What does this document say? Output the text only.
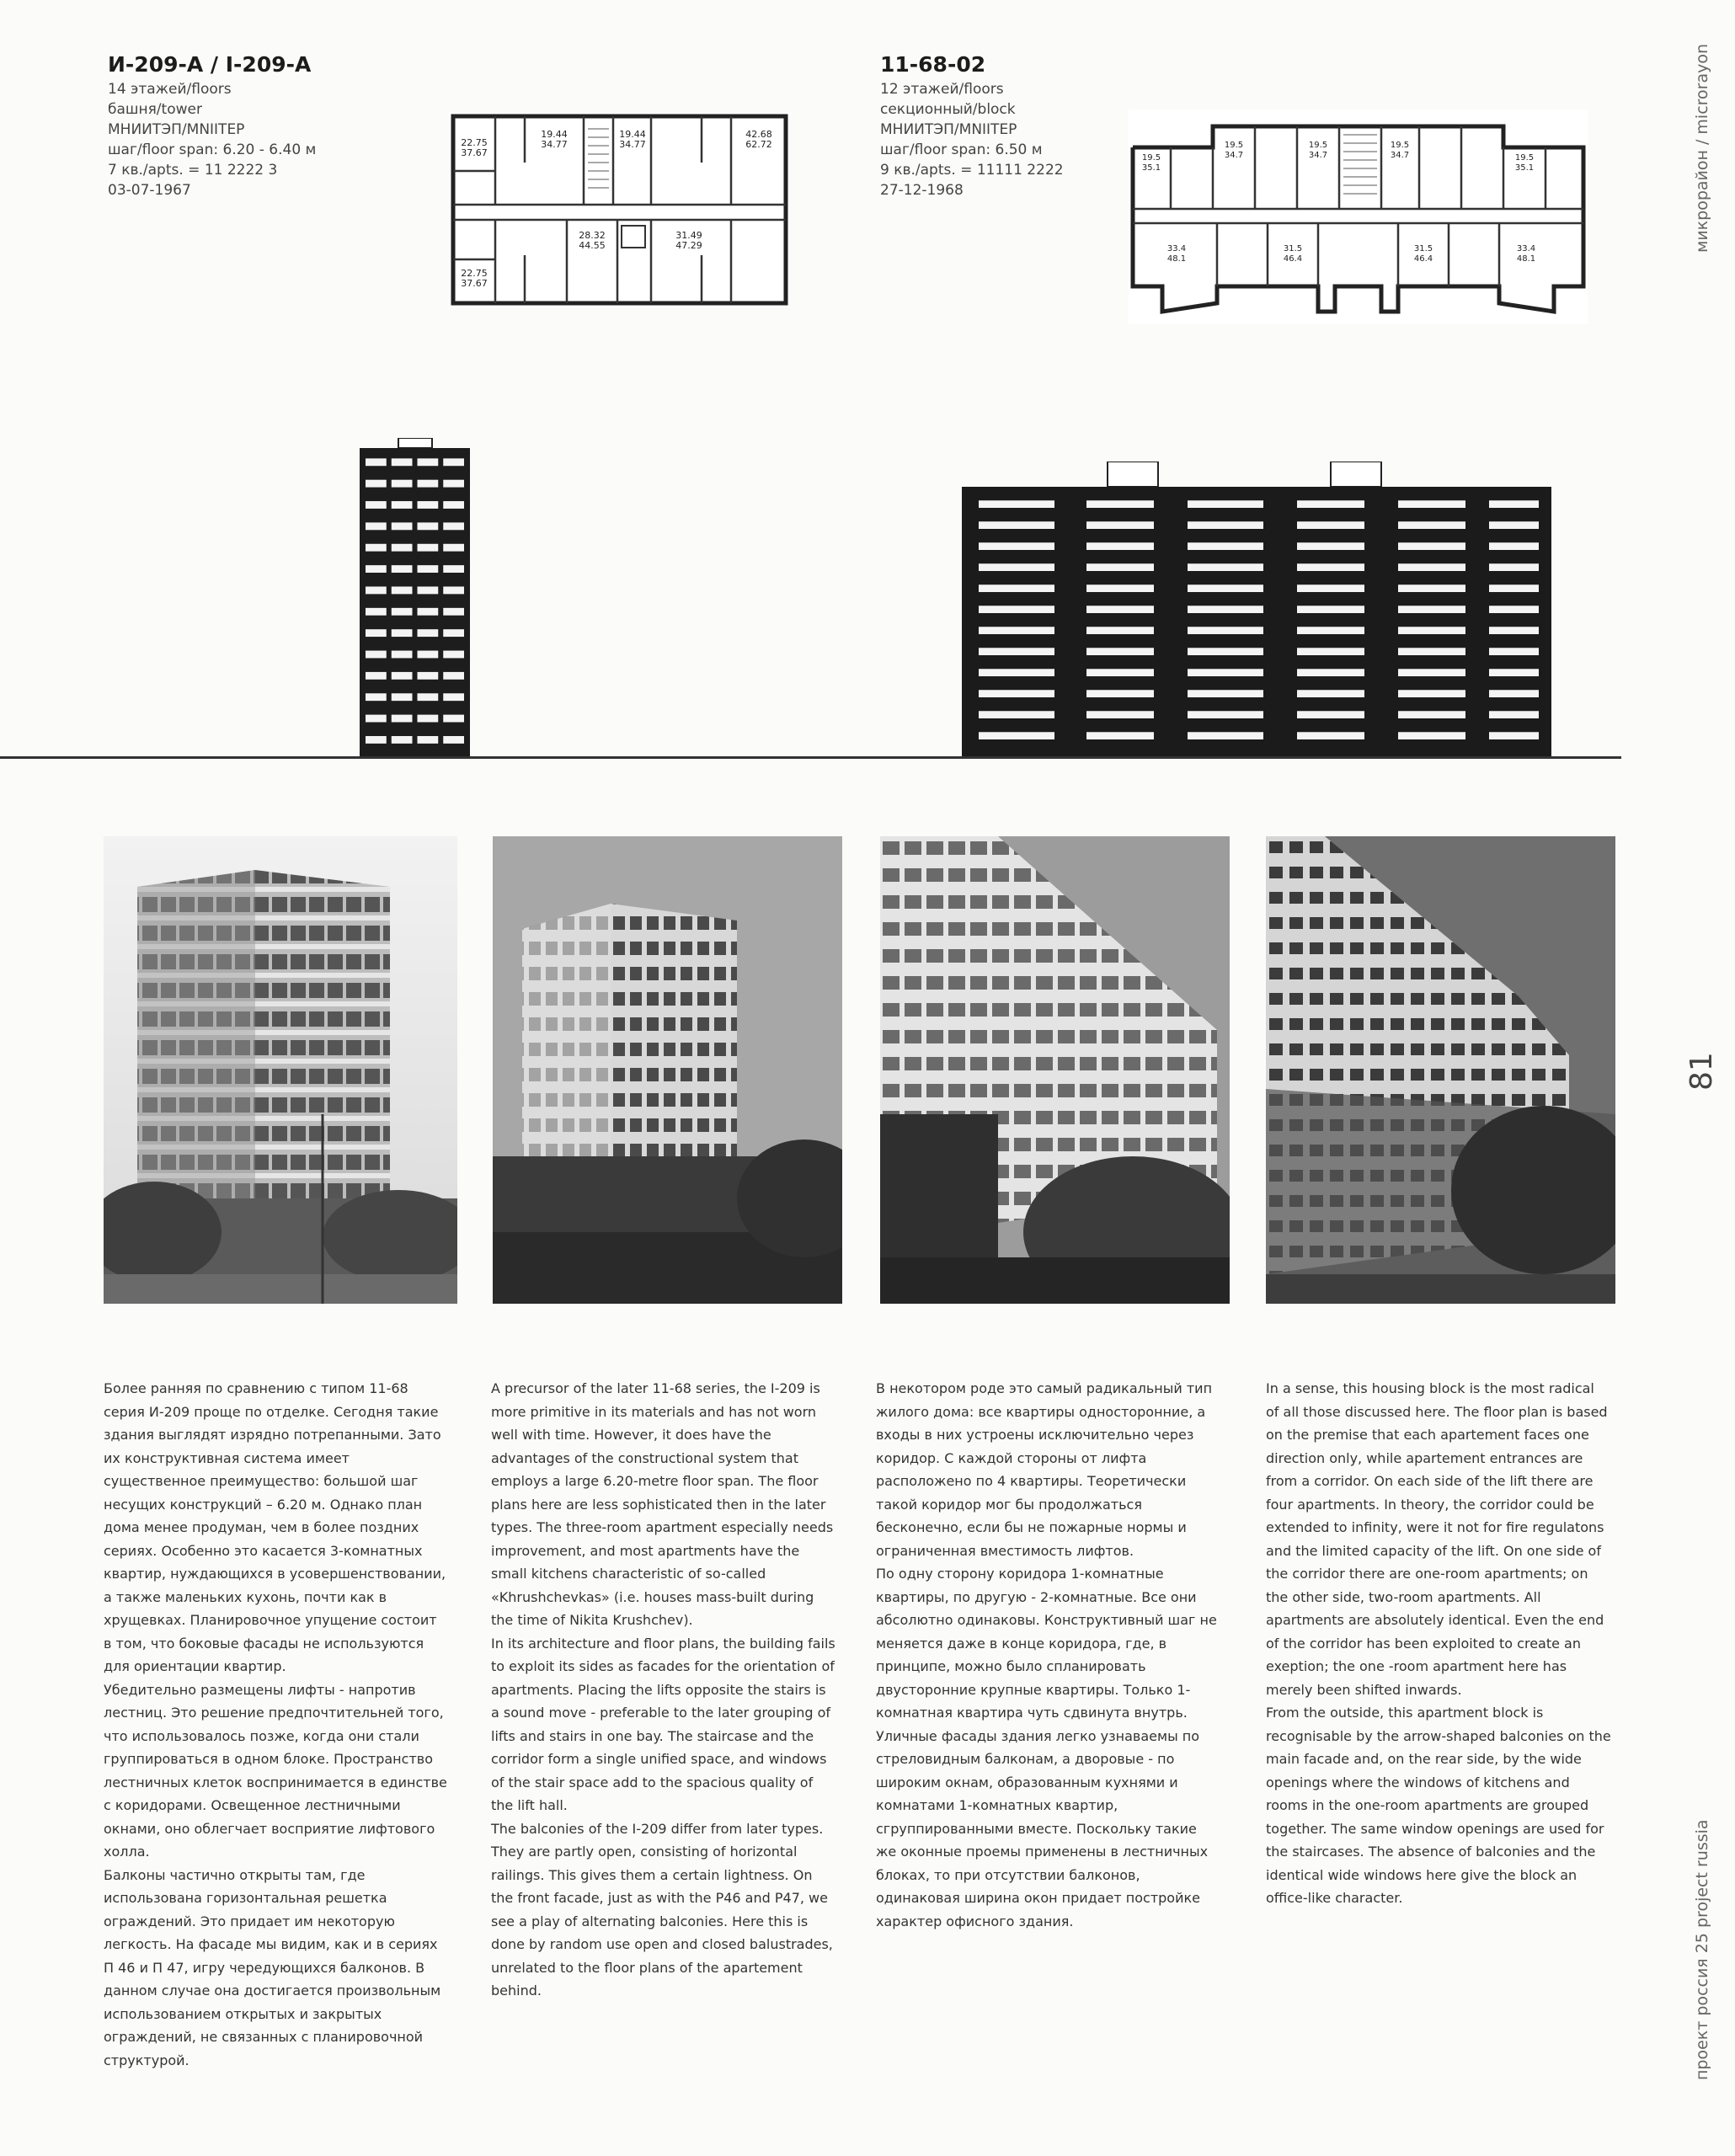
И-209-А / I-209-А
14 этажей/floors
башня/tower
МНИИТЭП/MNIITEP
шаг/floor span: 6.20 - 6.40 м
7 кв./apts. = 11 2222 3
03-07-1967
22.75
37.67
19.44
34.77
19.44
34.77
42.68
62.72
22.75
37.67
28.32
44.55
31.49
47.29
11-68-02
12 этажей/floors
секционный/block
МНИИТЭП/MNIITEP
шаг/floor span: 6.50 м
9 кв./apts. = 11111 2222
27-12-1968
19.5
35.1
19.5
34.7
19.5
34.7
19.5
34.7	19.5
35.1
33.4
48.1
31.5
46.4
31.5
46.4
33.4
48.1
микрорайон / microrayon
81
проект россия 25 project russia

Более ранняя по сравнению с типом 11-68 серия И-209 проще по отделке. Сегодня такие здания выглядят изрядно потрепанными. Зато их конструктивная система имеет существенное преимущество: большой шаг несущих конструкций – 6.20 м. Однако план дома менее продуман, чем в более поздних сериях. Особенно это касается 3-комнатных квартир, нуждающихся в усовершенствовании, а также маленьких кухонь, почти как в хрущевках. Планировочное упущение состоит в том, что боковые фасады не используются для ориентации квартир.

Убедительно размещены лифты - напротив лестниц. Это решение предпочтительней того, что использовалось позже, когда они стали группироваться в одном блоке. Пространство лестничных клеток воспринимается в единстве с коридорами. Освещенное лестничными окнами, оно облегчает восприятие лифтового холла.

Балконы частично открыты там, где использована горизонтальная решетка ограждений. Это придает им некоторую легкость. На фасаде мы видим, как и в сериях П 46 и П 47, игру чередующихся балконов. В данном случае она достигается произвольным использованием открытых и закрытых ограждений, не связанных с планировочной структурой.

A precursor of the later 11-68 series, the I-209 is more primitive in its materials and has not worn well with time. However, it does have the advantages of the constructional system that employs a large 6.20-metre floor span. The floor plans here are less sophisticated then in the later types. The three-room apartment especially needs improvement, and most apartments have the small kitchens characteristic of so-called «Khrushchevkas» (i.e. houses mass-built during the time of Nikita Krushchev).

In its architecture and floor plans, the building fails to exploit its sides as facades for the orientation of apartments. Placing the lifts opposite the stairs is a sound move - preferable to the later grouping of lifts and stairs in one bay. The staircase and the corridor form a single unified space, and windows of the stair space add to the spacious quality of the lift hall.

The balconies of the I-209 differ from later types. They are partly open, consisting of horizontal railings. This gives them a certain lightness. On the front facade, just as with the P46 and P47, we see a play of alternating balconies. Here this is done by random use open and closed balustrades, unrelated to the floor plans of the apartement behind.

В некотором роде это самый радикальный тип жилого дома: все квартиры односторонние, а входы в них устроены исключительно через коридор. С каждой стороны от лифта расположено по 4 квартиры. Теоретически такой коридор мог бы продолжаться бесконечно, если бы не пожарные нормы и ограниченная вместимость лифтов.

По одну сторону коридора 1-комнатные квартиры, по другую - 2-комнатные. Все они абсолютно одинаковы. Конструктивный шаг не меняется даже в конце коридора, где, в принципе, можно было спланировать двусторонние крупные квартиры. Только 1-комнатная квартира чуть сдвинута внутрь. Уличные фасады здания легко узнаваемы по стреловидным балконам, а дворовые - по широким окнам, образованным кухнями и комнатами 1-комнатных квартир, сгруппированными вместе. Поскольку такие же оконные проемы применены в лестничных блоках, то при отсутствии балконов, одинаковая ширина окон придает постройке характер офисного здания.

In a sense, this housing block is the most radical of all those discussed here. The floor plan is based on the premise that each apartement faces one direction only, while apartement entrances are from a corridor. On each side of the lift there are four apartments. In theory, the corridor could be extended to infinity, were it not for fire regulatons and the limited capacity of the lift. On one side of the corridor there are one-room apartments; on the other side, two-room apartments. All apartments are absolutely identical. Even the end of the corridor has been exploited to create an exeption; the one -room apartment here has merely been shifted inwards.

From the outside, this apartment block is recognisable by the arrow-shaped balconies on the main facade and, on the rear side, by the wide openings where the windows of kitchens and rooms in the one-room apartments are grouped together. The same window openings are used for the staircases. The absence of balconies and the identical wide windows here give the block an office-like character.
